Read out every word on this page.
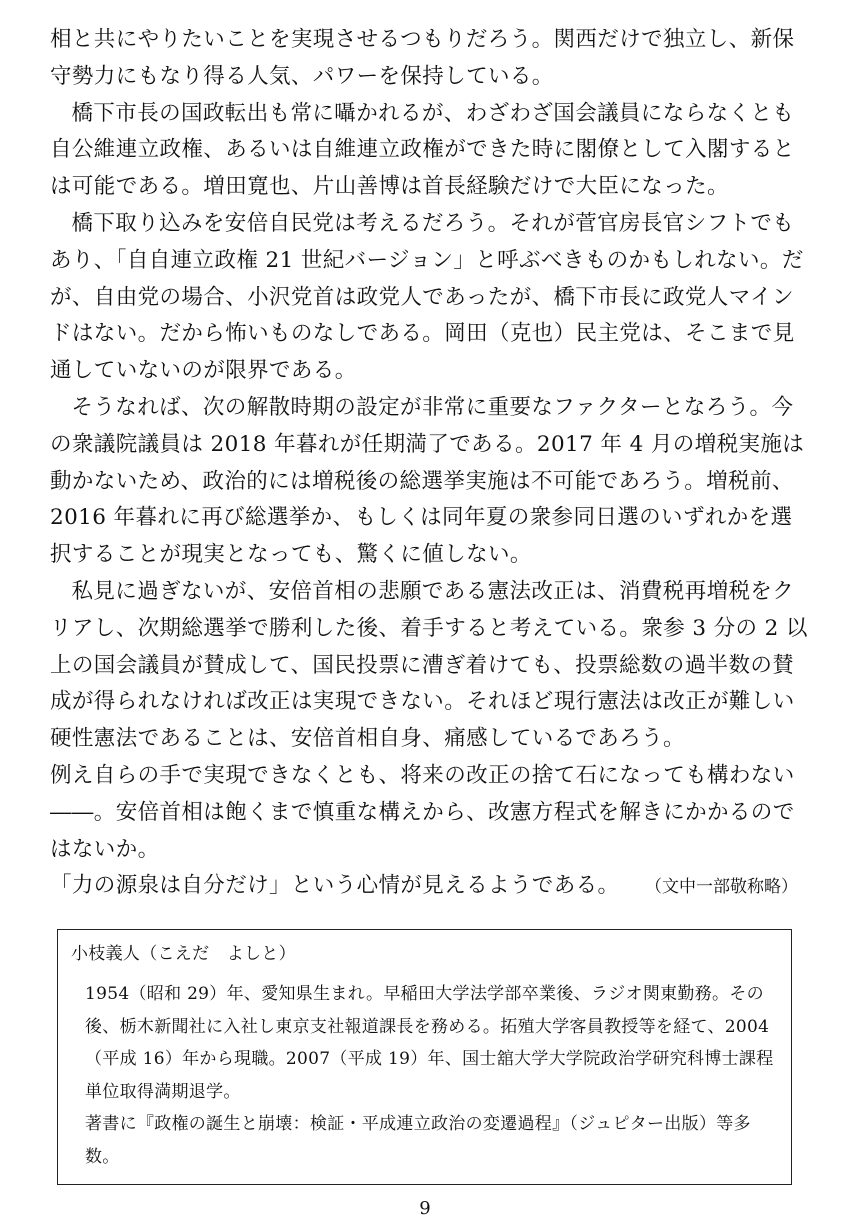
相と共にやりたいことを実現させるつもりだろう。関西だけで独立し、新保守勢力にもなり得る人気、パワーを保持している。

橋下市長の国政転出も常に囁かれるが、わざわざ国会議員にならなくとも自公維連立政権、あるいは自維連立政権ができた時に閣僚として入閣するとは可能である。増田寛也、片山善博は首長経験だけで大臣になった。

橋下取り込みを安倍自民党は考えるだろう。それが菅官房長官シフトでもあり、「自自連立政権 21 世紀バージョン」と呼ぶべきものかもしれない。だが、自由党の場合、小沢党首は政党人であったが、橋下市長に政党人マインドはない。だから怖いものなしである。岡田（克也）民主党は、そこまで見通していないのが限界である。

そうなれば、次の解散時期の設定が非常に重要なファクターとなろう。今の衆議院議員は 2018 年暮れが任期満了である。2017 年 4 月の増税実施は動かないため、政治的には増税後の総選挙実施は不可能であろう。増税前、2016 年暮れに再び総選挙か、もしくは同年夏の衆参同日選のいずれかを選択することが現実となっても、驚くに値しない。

私見に過ぎないが、安倍首相の悲願である憲法改正は、消費税再増税をクリアし、次期総選挙で勝利した後、着手すると考えている。衆参 3 分の 2 以上の国会議員が賛成して、国民投票に漕ぎ着けても、投票総数の過半数の賛成が得られなければ改正は実現できない。それほど現行憲法は改正が難しい硬性憲法であることは、安倍首相自身、痛感しているであろう。

例え自らの手で実現できなくとも、将来の改正の捨て石になっても構わない――。安倍首相は飽くまで慎重な構えから、改憲方程式を解きにかかるのではないか。

「力の源泉は自分だけ」という心情が見えるようである。 （文中一部敬称略）
小枝義人（こえだ　よしと）

1954（昭和 29）年、愛知県生まれ。早稲田大学法学部卒業後、ラジオ関東勤務。その後、栃木新聞社に入社し東京支社報道課長を務める。拓殖大学客員教授等を経て、2004（平成 16）年から現職。2007（平成 19）年、国士舘大学大学院政治学研究科博士課程単位取得満期退学。

著書に『政権の誕生と崩壊：検証・平成連立政治の変遷過程』（ジュピター出版）等多数。

9
